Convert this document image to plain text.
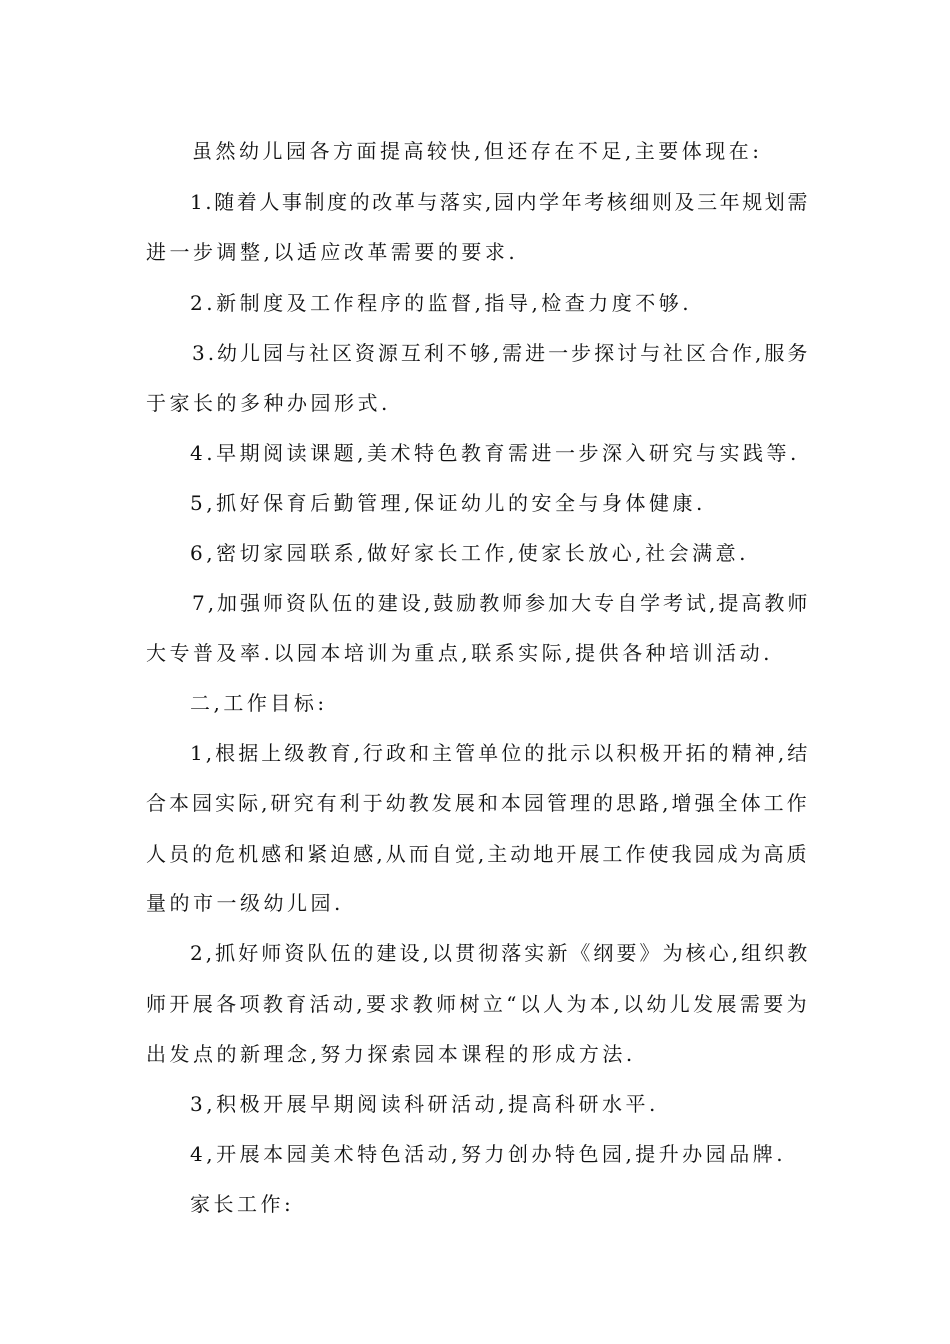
虽然幼儿园各方面提高较快,但还存在不足,主要体现在:
1.随着人事制度的改革与落实,园内学年考核细则及三年规划需
进一步调整,以适应改革需要的要求.
2.新制度及工作程序的监督,指导,检查力度不够.
3.幼儿园与社区资源互利不够,需进一步探讨与社区合作,服务
于家长的多种办园形式.
4.早期阅读课题,美术特色教育需进一步深入研究与实践等.
5,抓好保育后勤管理,保证幼儿的安全与身体健康.
6,密切家园联系,做好家长工作,使家长放心,社会满意.
7,加强师资队伍的建设,鼓励教师参加大专自学考试,提高教师
大专普及率.以园本培训为重点,联系实际,提供各种培训活动.
二,工作目标:
1,根据上级教育,行政和主管单位的批示以积极开拓的精神,结
合本园实际,研究有利于幼教发展和本园管理的思路,增强全体工作
人员的危机感和紧迫感,从而自觉,主动地开展工作使我园成为高质
量的市一级幼儿园.
2,抓好师资队伍的建设,以贯彻落实新《纲要》为核心,组织教
师开展各项教育活动,要求教师树立“以人为本,以幼儿发展需要为
出发点的新理念,努力探索园本课程的形成方法.
3,积极开展早期阅读科研活动,提高科研水平.
4,开展本园美术特色活动,努力创办特色园,提升办园品牌.
家长工作:
